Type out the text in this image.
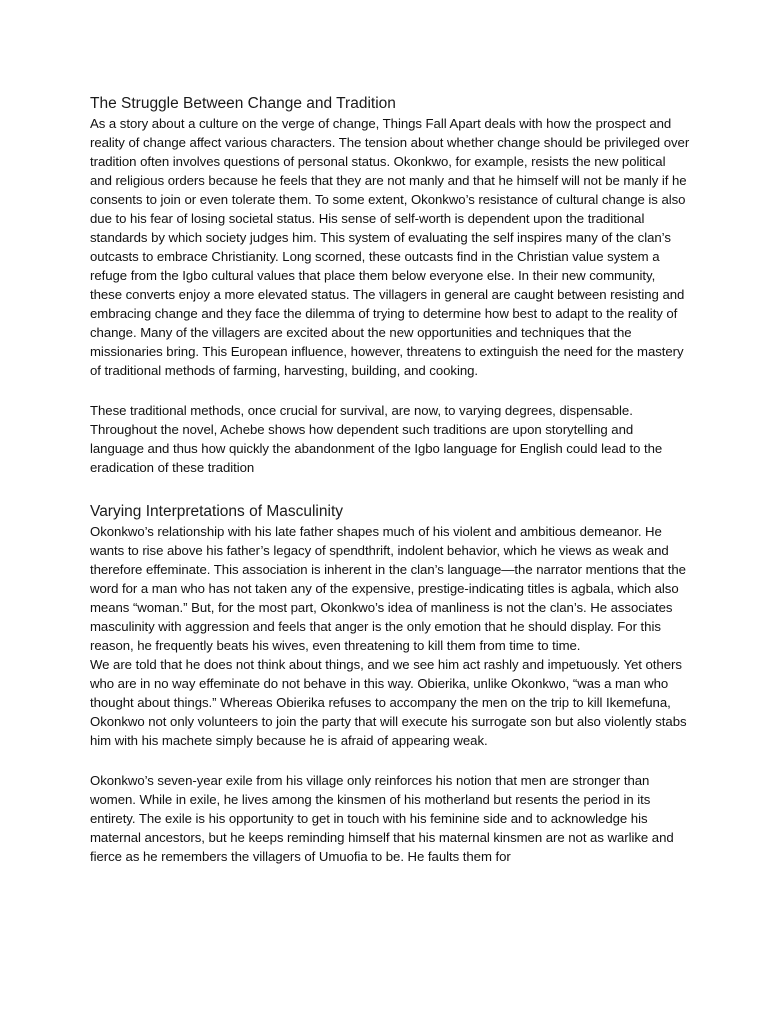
The Struggle Between Change and Tradition

As a story about a culture on the verge of change, Things Fall Apart deals with how the prospect and reality of change affect various characters. The tension about whether change should be privileged over tradition often involves questions of personal status. Okonkwo, for example, resists the new political and religious orders because he feels that they are not manly and that he himself will not be manly if he consents to join or even tolerate them. To some extent, Okonkwo’s resistance of cultural change is also due to his fear of losing societal status. His sense of self-worth is dependent upon the traditional standards by which society judges him. This system of evaluating the self inspires many of the clan’s outcasts to embrace Christianity. Long scorned, these outcasts find in the Christian value system a refuge from the Igbo cultural values that place them below everyone else. In their new community, these converts enjoy a more elevated status. The villagers in general are caught between resisting and embracing change and they face the dilemma of trying to determine how best to adapt to the reality of change. Many of the villagers are excited about the new opportunities and techniques that the missionaries bring. This European influence, however, threatens to extinguish the need for the mastery of traditional methods of farming, harvesting, building, and cooking.

These traditional methods, once crucial for survival, are now, to varying degrees, dispensable. Throughout the novel, Achebe shows how dependent such traditions are upon storytelling and language and thus how quickly the abandonment of the Igbo language for English could lead to the eradication of these tradition

Varying Interpretations of Masculinity

Okonkwo’s relationship with his late father shapes much of his violent and ambitious demeanor. He wants to rise above his father’s legacy of spendthrift, indolent behavior, which he views as weak and therefore effeminate. This association is inherent in the clan’s language—the narrator mentions that the word for a man who has not taken any of the expensive, prestige-indicating titles is agbala, which also means “woman.” But, for the most part, Okonkwo’s idea of manliness is not the clan’s. He associates masculinity with aggression and feels that anger is the only emotion that he should display. For this reason, he frequently beats his wives, even threatening to kill them from time to time.

We are told that he does not think about things, and we see him act rashly and impetuously. Yet others who are in no way effeminate do not behave in this way. Obierika, unlike Okonkwo, “was a man who thought about things.” Whereas Obierika refuses to accompany the men on the trip to kill Ikemefuna, Okonkwo not only volunteers to join the party that will execute his surrogate son but also violently stabs him with his machete simply because he is afraid of appearing weak.

Okonkwo’s seven-year exile from his village only reinforces his notion that men are stronger than women. While in exile, he lives among the kinsmen of his motherland but resents the period in its entirety. The exile is his opportunity to get in touch with his feminine side and to acknowledge his maternal ancestors, but he keeps reminding himself that his maternal kinsmen are not as warlike and fierce as he remembers the villagers of Umuofia to be. He faults them for
